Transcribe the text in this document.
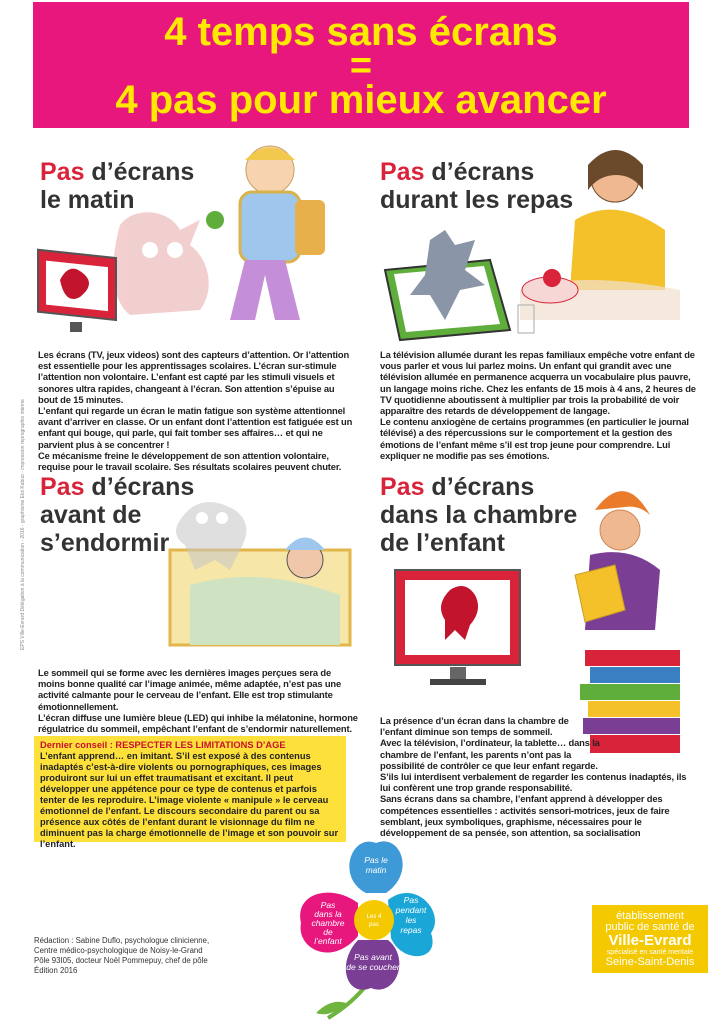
4 temps sans écrans
=
4 pas pour mieux avancer
Pas d’écrans
le matin

Les écrans (TV, jeux videos) sont des capteurs d’attention. Or l’attention est essentielle pour les apprentissages scolaires. L’écran sur-stimule l’attention non volontaire. L’enfant est capté par les stimuli visuels et sonores ultra rapides, changeant à l’écran. Son attention s’épuise au bout de 15 minutes.

L’enfant qui regarde un écran le matin fatigue son système attentionnel avant d’arriver en classe. Or un enfant dont l’attention est fatiguée est un enfant qui bouge, qui parle, qui fait tomber ses affaires… et qui ne parvient plus à se concentrer !

Ce mécanisme freine le développement de son attention volontaire, requise pour le travail scolaire. Ses résultats scolaires peuvent chuter.

Pas d’écrans
durant les repas

La télévision allumée durant les repas familiaux empêche votre enfant de vous parler et vous lui parlez moins. Un enfant qui grandit avec une télévision allumée en permanence acquerra un vocabulaire plus pauvre, un langage moins riche. Chez les enfants de 15 mois à 4 ans, 2 heures de TV quotidienne aboutissent à multiplier par trois la probabilité de voir apparaître des retards de développement de langage.

Le contenu anxiogène de certains programmes (en particulier le journal télévisé) a des répercussions sur le comportement et la gestion des émotions de l’enfant même s’il est trop jeune pour comprendre. Lui expliquer ne modifie pas ses émotions.

Pas d’écrans
avant de
s’endormir

Le sommeil qui se forme avec les dernières images perçues sera de moins bonne qualité car l’image animée, même adaptée, n’est pas une activité calmante pour le cerveau de l’enfant. Elle est trop stimulante émotionnellement.

L’écran diffuse une lumière bleue (LED) qui inhibe la mélatonine, hormone régulatrice du sommeil, empêchant l’enfant de s’endormir naturellement.

Pas d’écrans
dans la chambre
de l’enfant

La présence d’un écran dans la chambre de l’enfant diminue son temps de sommeil.

Avec la télévision, l’ordinateur, la tablette… dans la chambre de l’enfant, les parents n’ont pas la possibilité de contrôler ce que leur enfant regarde.

S’ils lui interdisent verbalement de regarder les contenus inadaptés, ils lui confèrent une trop grande responsabilité.

Sans écrans dans sa chambre, l’enfant apprend à développer des compétences essentielles : activités sensori-motrices, jeux de faire semblant, jeux symboliques, graphisme, nécessaires pour le développement de sa pensée, son attention, sa socialisation

Dernier conseil : RESPECTER LES LIMITATIONS D’AGE
L’enfant apprend… en imitant. S’il est exposé à des contenus inadaptés c’est-à-dire violents ou pornographiques, ces images produiront sur lui un effet traumatisant et excitant. Il peut développer une appétence pour ce type de contenus et parfois tenter de les reproduire. L’image violente « manipule » le cerveau émotionnel de l’enfant. Le discours secondaire du parent ou sa présence aux côtés de l’enfant durant le visionnage du film ne diminuent pas la charge émotionnelle de l’image et son pouvoir sur l’enfant.
Pas le
matin
Pas
pendant
les
repas
Pas avant
de se coucher
Pas
dans la
chambre
de
l’enfant
Les 4
pas
Rédaction : Sabine Duflo, psychologue clinicienne,
Centre médico-psychologique de Noisy-le-Grand
Pôle 93I05, docteur Noël Pommepuy, chef de pôle
Édition 2016
établissement
public de santé de
Ville-Evrard
spécialisé en santé mentale
Seine-Saint-Denis
EPS Ville-Evrard Délégation à la communication - 2016 - graphisme Eloi Kabuo - impression reprographie interne
